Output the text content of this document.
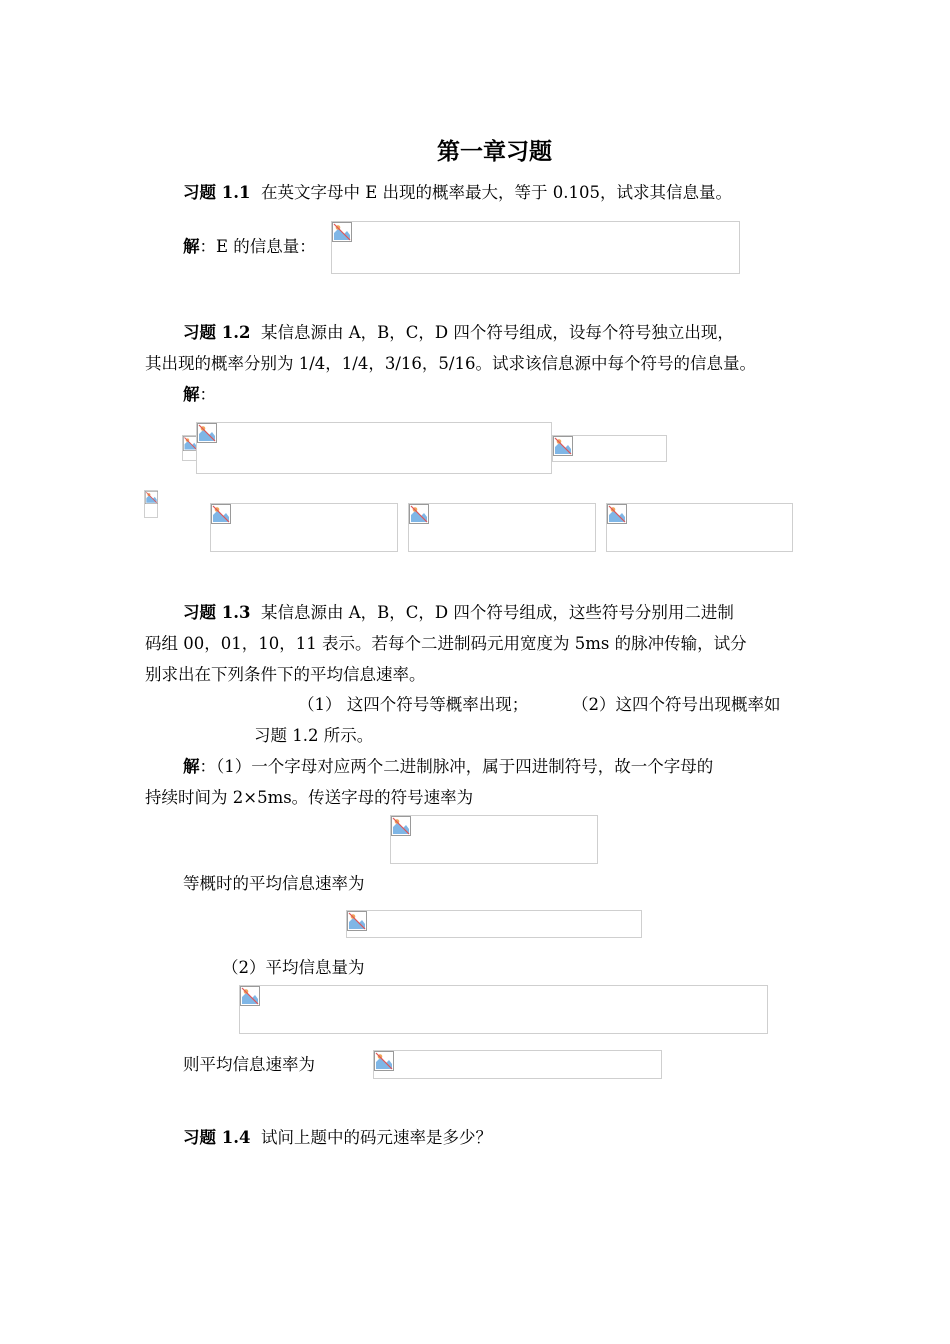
第一章习题
习题 1.1 在英文字母中 E 出现的概率最大，等于 0.105，试求其信息量。
解：E 的信息量：
习题 1.2 某信息源由 A，B，C，D 四个符号组成，设每个符号独立出现，
其出现的概率分别为 1/4，1/4，3/16，5/16。试求该信息源中每个符号的信息量。
解：
习题 1.3 某信息源由 A，B，C，D 四个符号组成，这些符号分别用二进制
码组 00，01，10，11 表示。若每个二进制码元用宽度为 5ms 的脉冲传输，试分
别求出在下列条件下的平均信息速率。
（1） 这四个符号等概率出现；	（2）这四个符号出现概率如
习题 1.2 所示。
解：（1）一个字母对应两个二进制脉冲，属于四进制符号，故一个字母的
持续时间为 2×5ms。传送字母的符号速率为
等概时的平均信息速率为
（2）平均信息量为
则平均信息速率为
习题 1.4 试问上题中的码元速率是多少？
